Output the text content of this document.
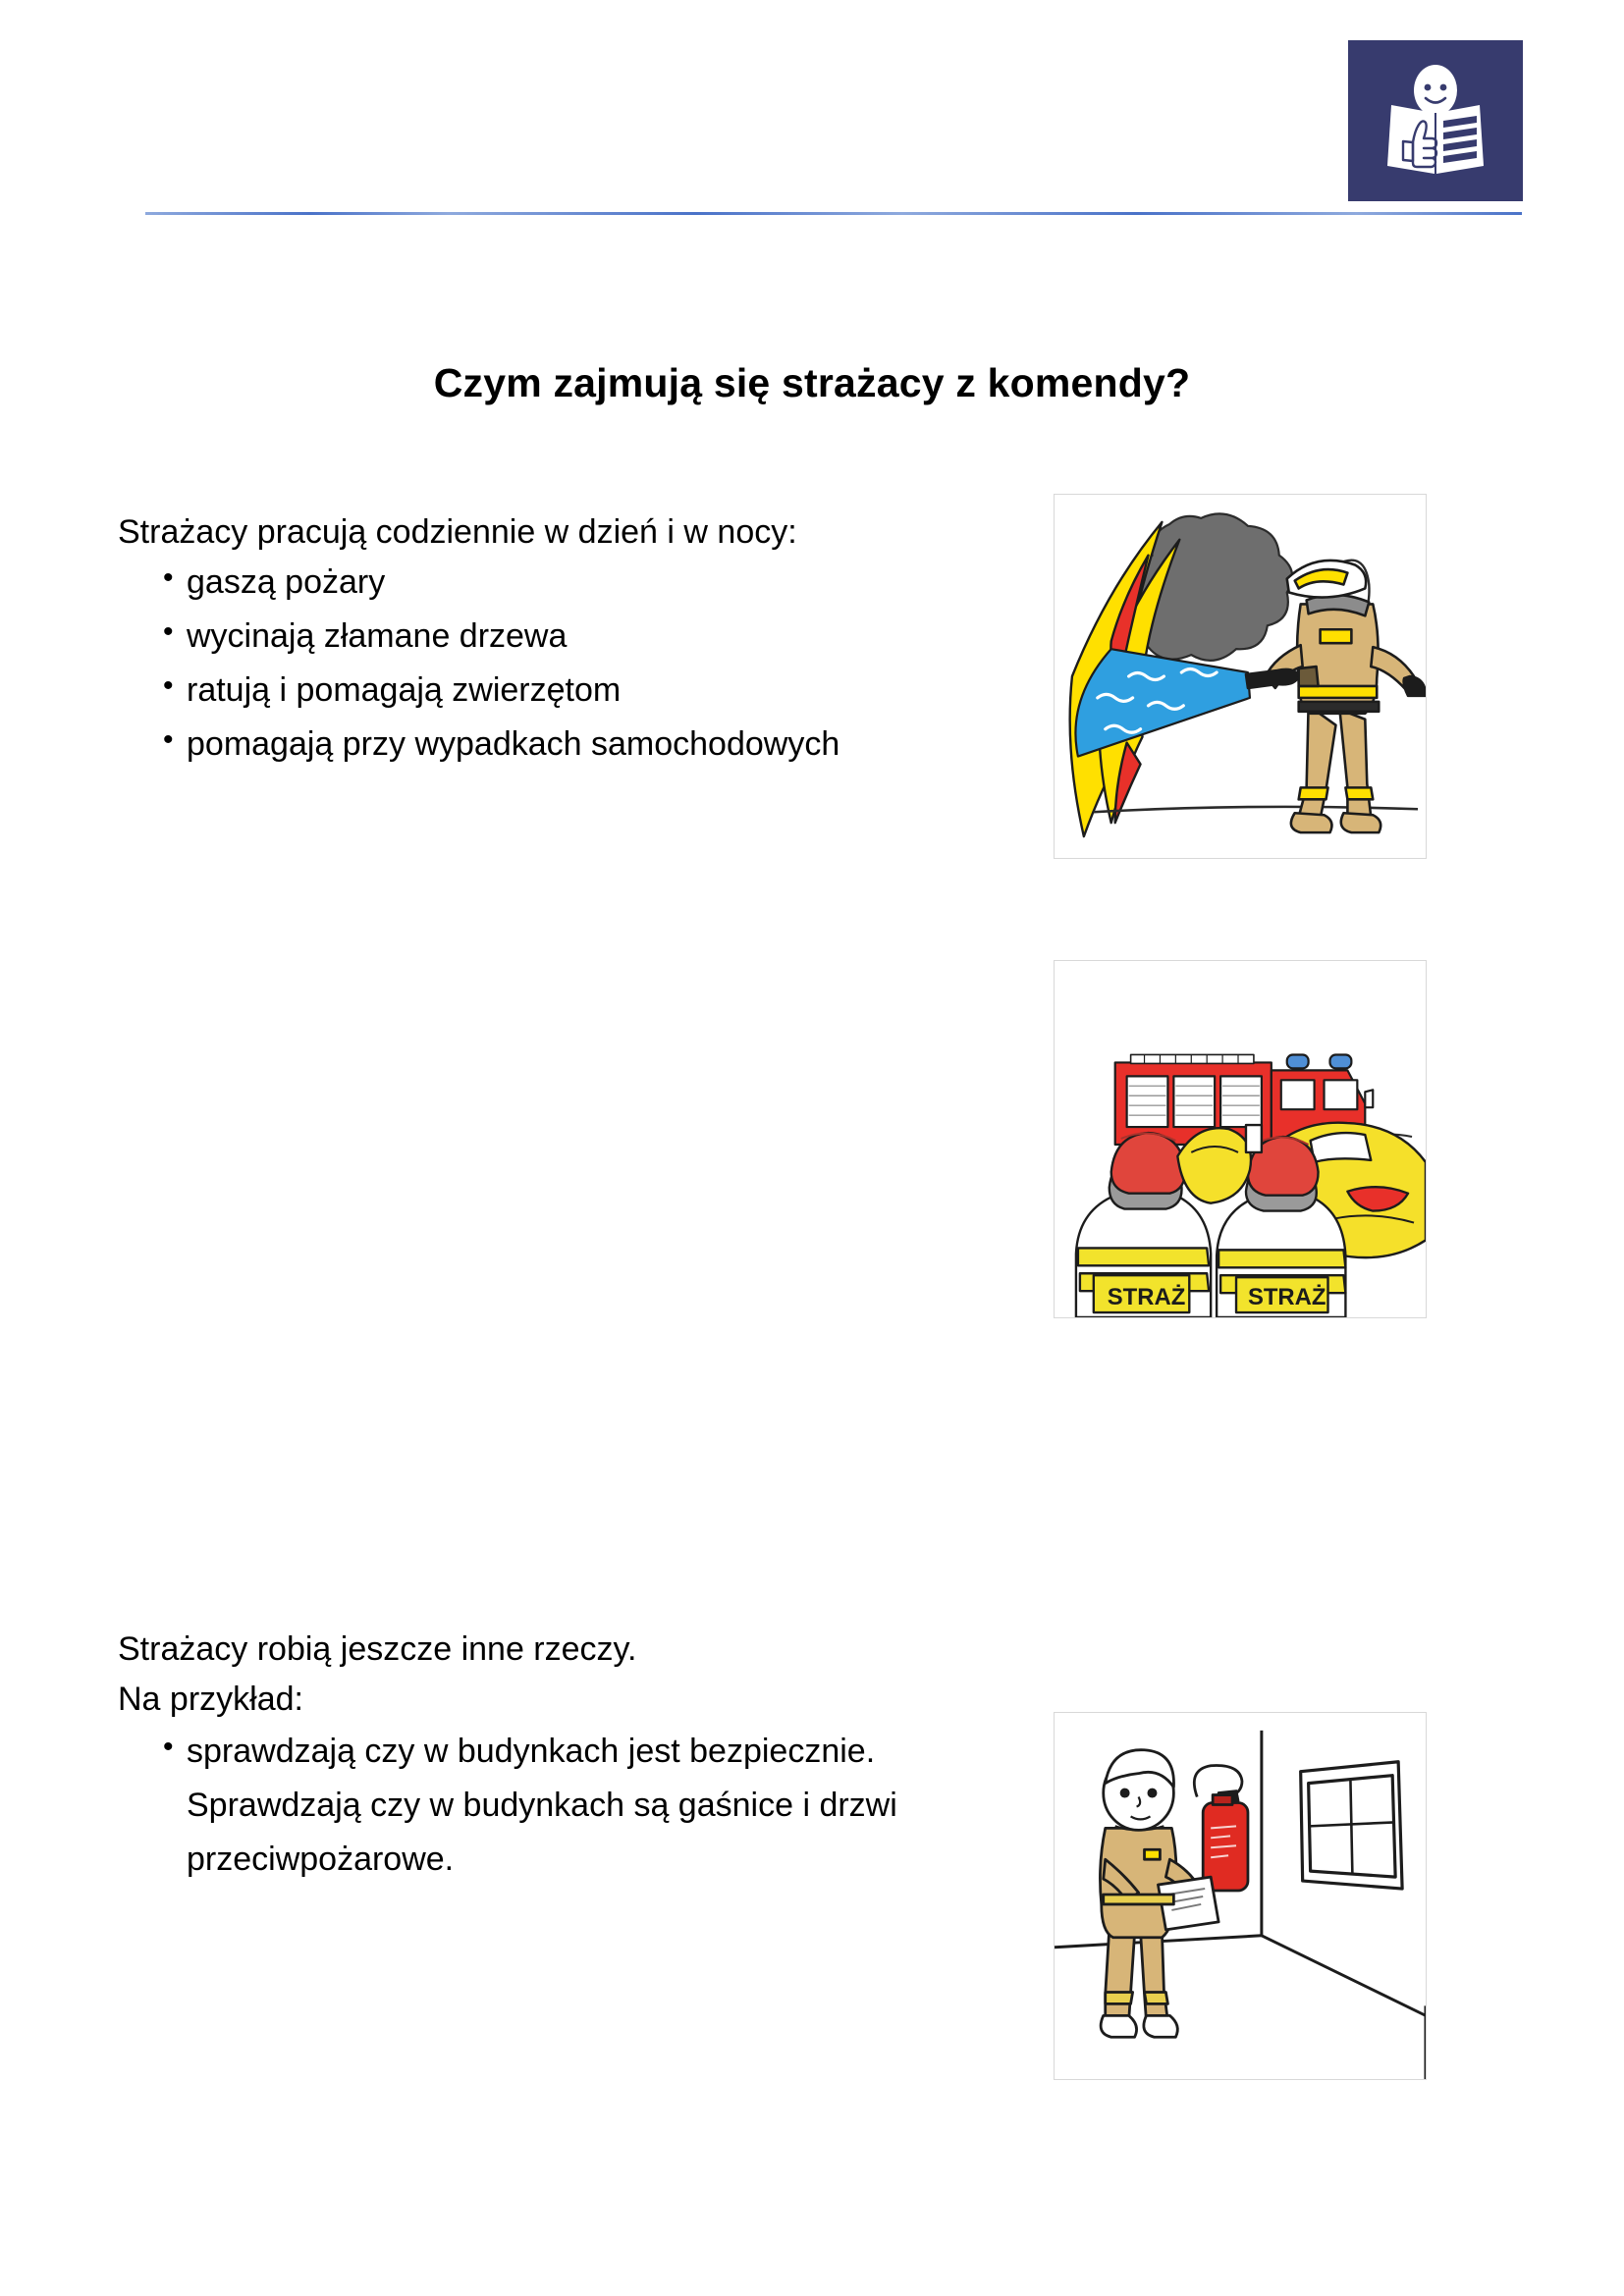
Czym zajmują się strażacy z komendy?

Strażacy pracują codziennie w dzień i w nocy:

• gaszą pożary
• wycinają złamane drzewa
• ratują i pomagają zwierzętom
• pomagają przy wypadkach samochodowych

Strażacy robią jeszcze inne rzeczy.

Na przykład:

• sprawdzają czy w budynkach jest bezpiecznie. Sprawdzają czy w budynkach są gaśnice i drzwi przeciwpożarowe.
STRAŻ	STRAŻ
